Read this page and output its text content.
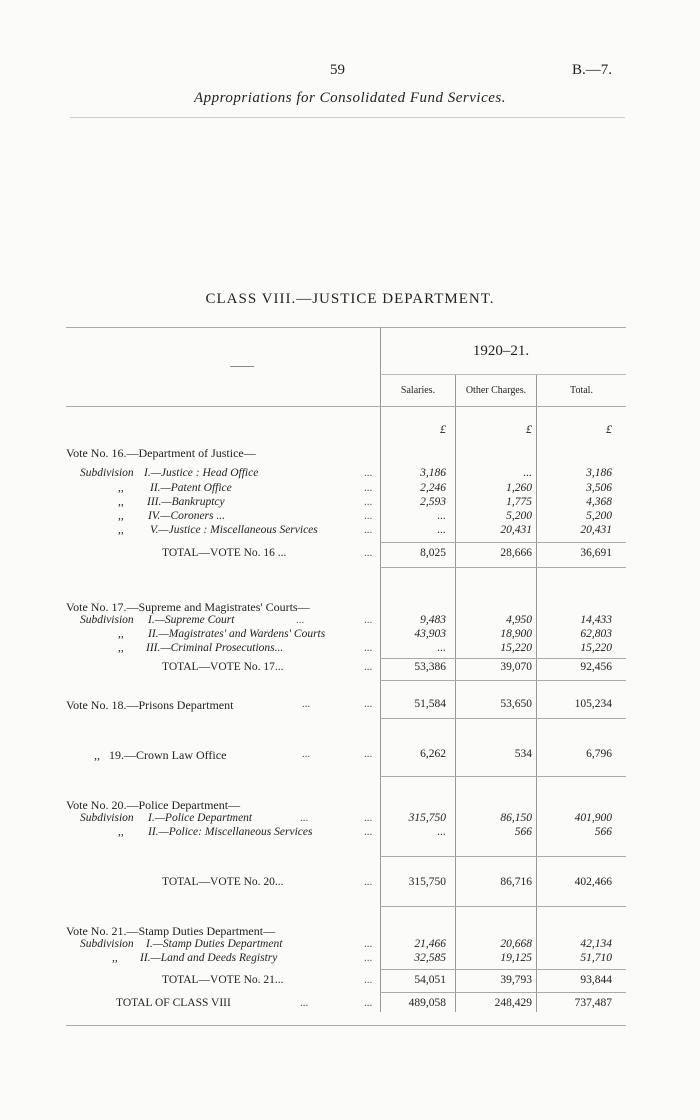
59	B.—7.
Appropriations for Consolidated Fund Services.
CLASS VIII.—JUSTICE DEPARTMENT.
1920–21.
Salaries.	Other Charges.	Total.
£	£	£
Vote No. 16.—Department of Justice—
Subdivision I.—Justice : Head Office	...	3,186	...	3,186
,, II.—Patent Office	...	2,246	1,260	3,506
,, III.—Bankruptcy	...	2,593	1,775	4,368
,, IV.—Coroners ...	...	...	5,200	5,200
,, V.—Justice : Miscellaneous Services	...	...	20,431	20,431
TOTAL—VOTE No. 16 ...	...	8,025	28,666	36,691
Vote No. 17.—Supreme and Magistrates' Courts—
Subdivision I.—Supreme Court	...	...	9,483	4,950	14,433
,, II.—Magistrates' and Wardens' Courts	43,903	18,900	62,803
,, III.—Criminal Prosecutions...	...	...	15,220	15,220
TOTAL—VOTE No. 17...	...	53,386	39,070	92,456
Vote No. 18.—Prisons Department	...	...	51,584	53,650	105,234
,,   19.—Crown Law Office	...	...	6,262	534	6,796
Vote No. 20.—Police Department—
Subdivision I.—Police Department	...	...	315,750	86,150	401,900
,, II.—Police: Miscellaneous Services	...	...	566	566
TOTAL—VOTE No. 20...	...	315,750	86,716	402,466
Vote No. 21.—Stamp Duties Department—
Subdivision I.—Stamp Duties Department	...	21,466	20,668	42,134
,, II.—Land and Deeds Registry	...	32,585	19,125	51,710
TOTAL—VOTE No. 21...	...	54,051	39,793	93,844
TOTAL OF CLASS VIII	...	...	489,058	248,429	737,487
